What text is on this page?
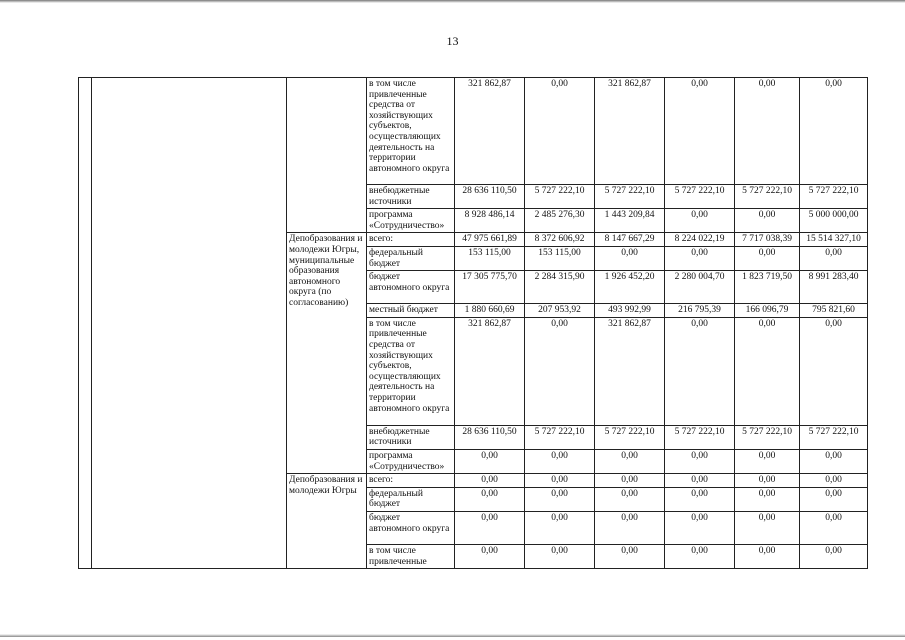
13
			в том числе привлеченные средства от хозяйствующих субъектов, осуществляющих деятельность на территории автономного округа	321 862,87	0,00	321 862,87	0,00	0,00	0,00
			внебюджетные источники	28 636 110,50	5 727 222,10	5 727 222,10	5 727 222,10	5 727 222,10	5 727 222,10
			программа «Сотрудничество»	8 928 486,14	2 485 276,30	1 443 209,84	0,00	0,00	5 000 000,00
		Депобразования и молодежи Югры, муниципальные образования автономного округа (по согласованию)	всего:	47 975 661,89	8 372 606,92	8 147 667,29	8 224 022,19	7 717 038,39	15 514 327,10
			федеральный бюджет	153 115,00	153 115,00	0,00	0,00	0,00	0,00
			бюджет автономного округа	17 305 775,70	2 284 315,90	1 926 452,20	2 280 004,70	1 823 719,50	8 991 283,40
			местный бюджет	1 880 660,69	207 953,92	493 992,99	216 795,39	166 096,79	795 821,60
			в том числе привлеченные средства от хозяйствующих субъектов, осуществляющих деятельность на территории автономного округа	321 862,87	0,00	321 862,87	0,00	0,00	0,00
			внебюджетные источники	28 636 110,50	5 727 222,10	5 727 222,10	5 727 222,10	5 727 222,10	5 727 222,10
			программа «Сотрудничество»	0,00	0,00	0,00	0,00	0,00	0,00
		Депобразования и молодежи Югры	всего:	0,00	0,00	0,00	0,00	0,00	0,00
			федеральный бюджет	0,00	0,00	0,00	0,00	0,00	0,00
			бюджет автономного округа	0,00	0,00	0,00	0,00	0,00	0,00
			в том числе привлеченные	0,00	0,00	0,00	0,00	0,00	0,00
